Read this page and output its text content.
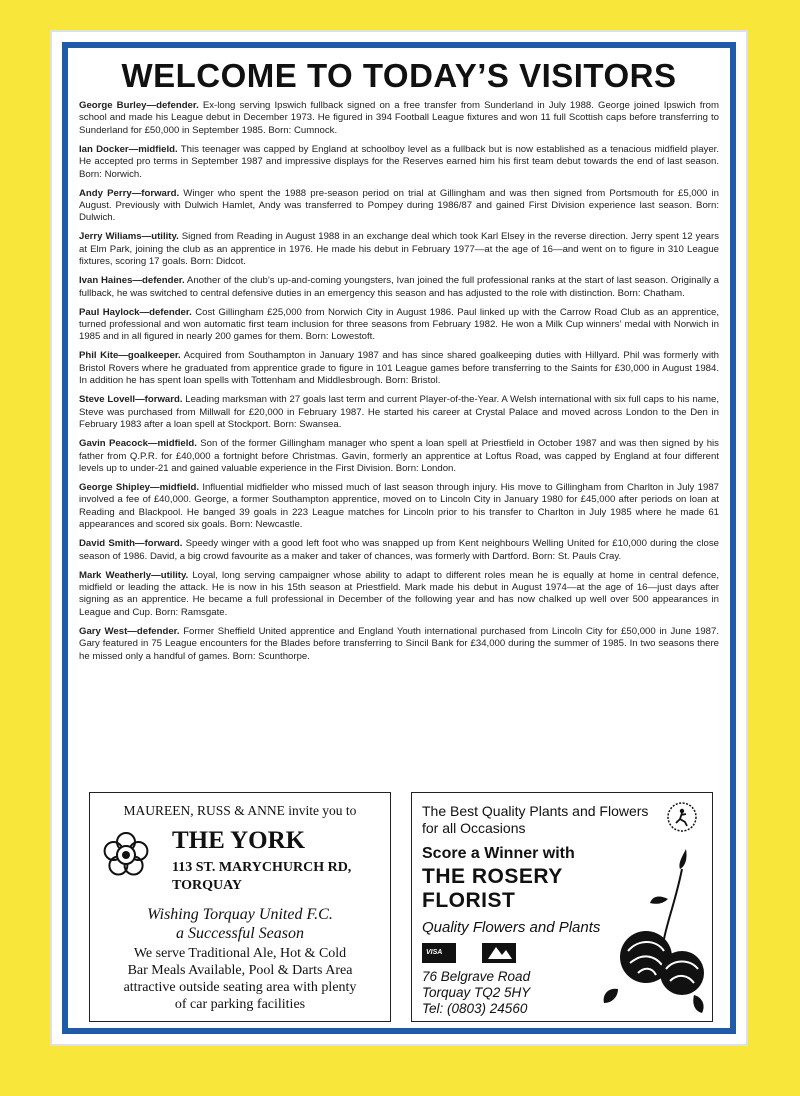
WELCOME TO TODAY’S VISITORS

George Burley—defender. Ex-long serving Ipswich fullback signed on a free transfer from Sunderland in July 1988. George joined Ipswich from school and made his League debut in December 1973. He figured in 394 Football League fixtures and won 11 full Scottish caps before transferring to Sunderland for £50,000 in September 1985. Born: Cumnock.

Ian Docker—midfield. This teenager was capped by England at schoolboy level as a fullback but is now established as a tenacious midfield player. He accepted pro terms in September 1987 and impressive displays for the Reserves earned him his first team debut towards the end of last season. Born: Norwich.

Andy Perry—forward. Winger who spent the 1988 pre-season period on trial at Gillingham and was then signed from Portsmouth for £5,000 in August. Previously with Dulwich Hamlet, Andy was transferred to Pompey during 1986/87 and gained First Division experience last season. Born: Dulwich.

Jerry Wiliams—utility. Signed from Reading in August 1988 in an exchange deal which took Karl Elsey in the reverse direction. Jerry spent 12 years at Elm Park, joining the club as an apprentice in 1976. He made his debut in February 1977—at the age of 16—and went on to figure in 310 League fixtures, scoring 17 goals. Born: Didcot.

Ivan Haines—defender. Another of the club’s up-and-coming youngsters, Ivan joined the full professional ranks at the start of last season. Originally a fullback, he was switched to central defensive duties in an emergency this season and has adjusted to the role with distinction. Born: Chatham.

Paul Haylock—defender. Cost Gillingham £25,000 from Norwich City in August 1986. Paul linked up with the Carrow Road Club as an apprentice, turned professional and won automatic first team inclusion for three seasons from February 1982. He won a Milk Cup winners’ medal with Norwich in 1985 and in all figured in nearly 200 games for them. Born: Lowestoft.

Phil Kite—goalkeeper. Acquired from Southampton in January 1987 and has since shared goalkeeping duties with Hillyard. Phil was formerly with Bristol Rovers where he graduated from apprentice grade to figure in 101 League games before transferring to the Saints for £30,000 in August 1984. In addition he has spent loan spells with Tottenham and Middlesbrough. Born: Bristol.

Steve Lovell—forward. Leading marksman with 27 goals last term and current Player-of-the-Year. A Welsh international with six full caps to his name, Steve was purchased from Millwall for £20,000 in February 1987. He started his career at Crystal Palace and moved across London to the Den in February 1983 after a loan spell at Stockport. Born: Swansea.

Gavin Peacock—midfield. Son of the former Gillingham manager who spent a loan spell at Priestfield in October 1987 and was then signed by his father from Q.P.R. for £40,000 a fortnight before Christmas. Gavin, formerly an apprentice at Loftus Road, was capped by England at four different levels up to under-21 and gained valuable experience in the First Division. Born: London.

George Shipley—midfield. Influential midfielder who missed much of last season through injury. His move to Gillingham from Charlton in July 1987 involved a fee of £40,000. George, a former Southampton apprentice, moved on to Lincoln City in January 1980 for £45,000 after periods on loan at Reading and Blackpool. He banged 39 goals in 223 League matches for Lincoln prior to his transfer to Charlton in July 1985 where he made 61 appearances and scored six goals. Born: Newcastle.

David Smith—forward. Speedy winger with a good left foot who was snapped up from Kent neighbours Welling United for £10,000 during the close season of 1986. David, a big crowd favourite as a maker and taker of chances, was formerly with Dartford. Born: St. Pauls Cray.

Mark Weatherly—utility. Loyal, long serving campaigner whose ability to adapt to different roles mean he is equally at home in central defence, midfield or leading the attack. He is now in his 15th season at Priestfield. Mark made his debut in August 1974—at the age of 16—just days after signing as an apprentice. He became a full professional in December of the following year and has now chalked up well over 500 appearances in League and Cup. Born: Ramsgate.

Gary West—defender. Former Sheffield United apprentice and England Youth international purchased from Lincoln City for £50,000 in June 1987. Gary featured in 75 League encounters for the Blades before transferring to Sincil Bank for £34,000 during the summer of 1985. In two seasons there he missed only a handful of games. Born: Scunthorpe.

MAUREEN, RUSS & ANNE invite you to
THE YORK
113 ST. MARYCHURCH RD,
TORQUAY
Wishing Torquay United F.C.
a Successful Season
We serve Traditional Ale, Hot & Cold
Bar Meals Available, Pool & Darts Area
attractive outside seating area with plenty
of car parking facilities
The Best Quality Plants and Flowers
for all Occasions
Score a Winner with
THE ROSERY
FLORIST
Quality Flowers and Plants
VISA

76 Belgrave Road
Torquay TQ2 5HY
Tel: (0803) 24560
